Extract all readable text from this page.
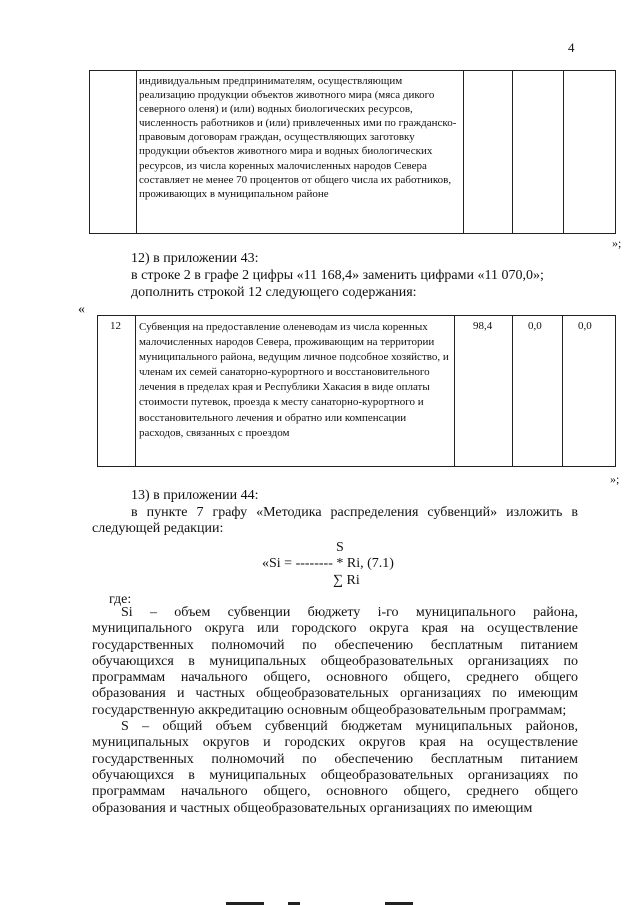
4
индивидуальным предпринимателям, осуществляющим реализацию продукции объектов животного мира (мяса дикого северного оленя) и (или) водных биологических ресурсов, численность работников и (или) привлеченных ими по гражданско-правовым договорам граждан, осуществляющих заготовку продукции объектов животного мира и водных биологических ресурсов, из числа коренных малочисленных народов Севера составляет не менее 70 процентов от общего числа их работников, проживающих в муниципальном районе
»;
12) в приложении 43:
в строке 2 в графе 2 цифры «11 168,4» заменить цифрами «11 070,0»;
дополнить строкой 12 следующего содержания:
«
12 Субвенция на предоставление оленеводам из числа коренных малочисленных народов Севера, проживающим на территории муниципального района, ведущим личное подсобное хозяйство, и членам их семей санаторно-курортного и восстановительного лечения в пределах края и Республики Хакасия в виде оплаты стоимости путевок, проезда к месту санаторно-курортного и восстановительного лечения и обратно или компенсации расходов, связанных с проездом
98,4	0,0	0,0
»;
13) в приложении 44:
в пункте 7 графу «Методика распределения субвенций» изложить в следующей редакции:
S
«Si = -------- * Ri, (7.1)
∑ Ri
где:

Si – объем субвенции бюджету i-го муниципального района, муниципального округа или городского округа края на осуществление государственных полномочий по обеспечению бесплатным питанием обучающихся в муниципальных общеобразовательных организациях по программам начального общего, основного общего, среднего общего образования и частных общеобразовательных организациях по имеющим государственную аккредитацию основным общеобразовательным программам;

S – общий объем субвенций бюджетам муниципальных районов, муниципальных округов и городских округов края на осуществление государственных полномочий по обеспечению бесплатным питанием обучающихся в муниципальных общеобразовательных организациях по программам начального общего, основного общего, среднего общего образования и частных общеобразовательных организациях по имеющим
